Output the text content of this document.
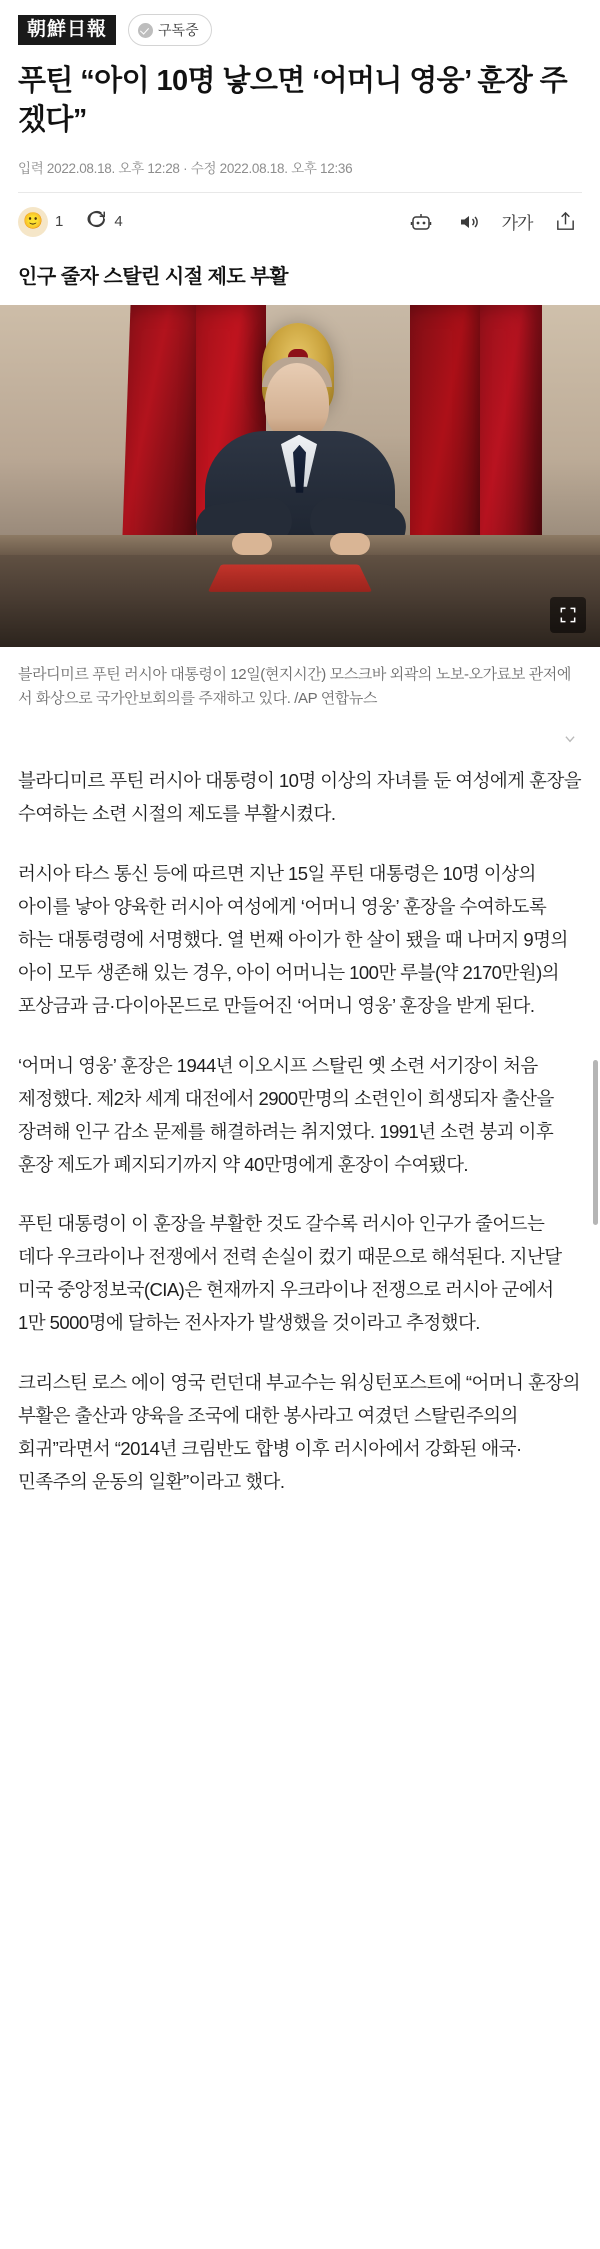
朝鮮日報	구독중
푸틴 “아이 10명 낳으면 ‘어머니 영웅’ 훈장 주겠다”
입력 2022.08.18. 오후 12:28 · 수정 2022.08.18. 오후 12:36
🙂 1	4	가가
인구 줄자 스탈린 시절 제도 부활
블라디미르 푸틴 러시아 대통령이 12일(현지시간) 모스크바 외곽의 노보-오가료보 관저에서 화상으로 국가안보회의를 주재하고 있다. /AP 연합뉴스

블라디미르 푸틴 러시아 대통령이 10명 이상의 자녀를 둔 여성에게 훈장을 수여하는 소련 시절의 제도를 부활시켰다.

러시아 타스 통신 등에 따르면 지난 15일 푸틴 대통령은 10명 이상의 아이를 낳아 양육한 러시아 여성에게 ‘어머니 영웅’ 훈장을 수여하도록 하는 대통령령에 서명했다. 열 번째 아이가 한 살이 됐을 때 나머지 9명의 아이 모두 생존해 있는 경우, 아이 어머니는 100만 루블(약 2170만원)의 포상금과 금·다이아몬드로 만들어진 ‘어머니 영웅’ 훈장을 받게 된다.

‘어머니 영웅’ 훈장은 1944년 이오시프 스탈린 옛 소련 서기장이 처음 제정했다. 제2차 세계 대전에서 2900만명의 소련인이 희생되자 출산을 장려해 인구 감소 문제를 해결하려는 취지였다. 1991년 소련 붕괴 이후 훈장 제도가 폐지되기까지 약 40만명에게 훈장이 수여됐다.

푸틴 대통령이 이 훈장을 부활한 것도 갈수록 러시아 인구가 줄어드는 데다 우크라이나 전쟁에서 전력 손실이 컸기 때문으로 해석된다. 지난달 미국 중앙정보국(CIA)은 현재까지 우크라이나 전쟁으로 러시아 군에서 1만 5000명에 달하는 전사자가 발생했을 것이라고 추정했다.

크리스틴 로스 에이 영국 런던대 부교수는 워싱턴포스트에 “어머니 훈장의 부활은 출산과 양육을 조국에 대한 봉사라고 여겼던 스탈린주의의 회귀”라면서 “2014년 크림반도 합병 이후 러시아에서 강화된 애국·민족주의 운동의 일환”이라고 했다.
